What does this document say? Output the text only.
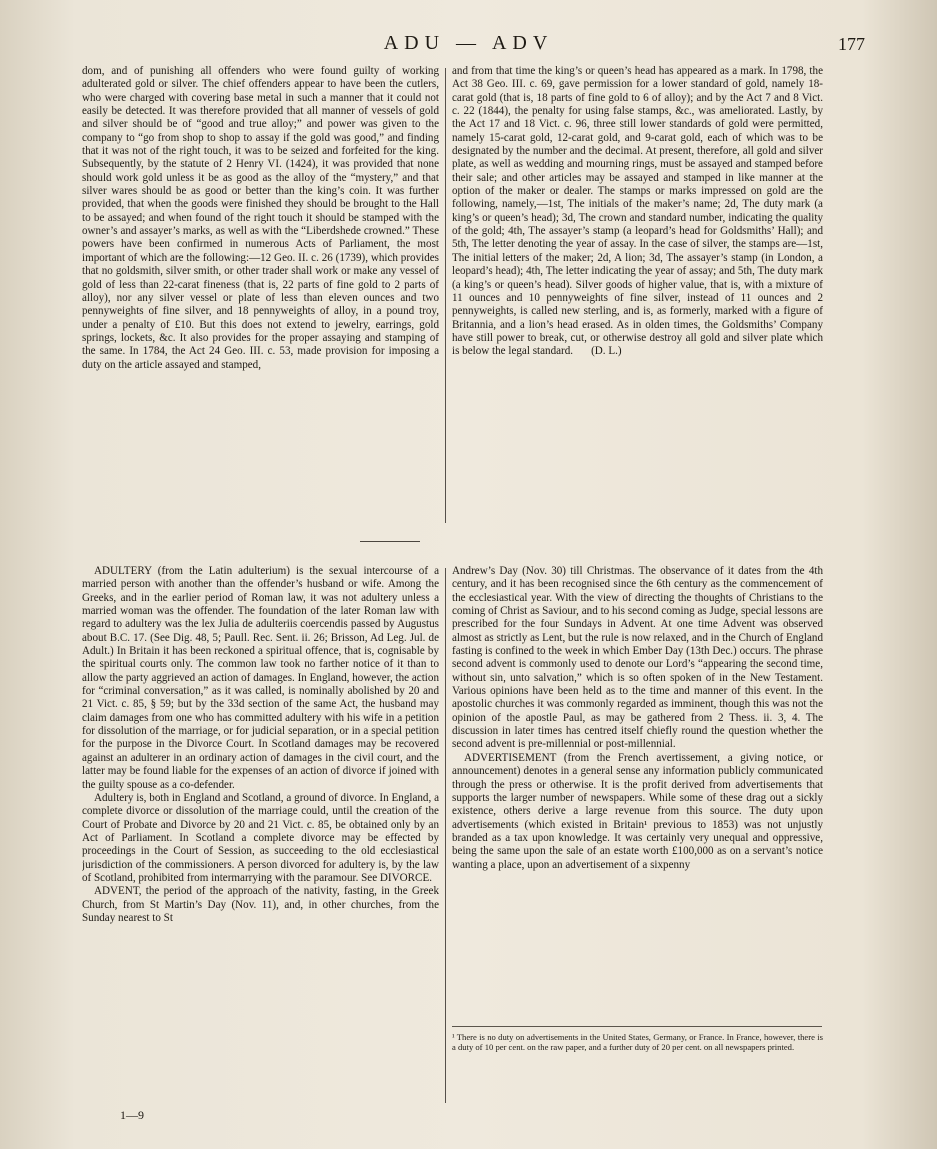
ADU — ADV	177

dom, and of punishing all offenders who were found guilty of working adulterated gold or silver. The chief offenders appear to have been the cutlers, who were charged with covering base metal in such a manner that it could not easily be detected. It was therefore provided that all manner of vessels of gold and silver should be of “good and true alloy;” and power was given to the company to “go from shop to shop to assay if the gold was good,” and finding that it was not of the right touch, it was to be seized and forfeited for the king. Subsequently, by the statute of 2 Henry VI. (1424), it was provided that none should work gold unless it be as good as the alloy of the “mystery,” and that silver wares should be as good or better than the king’s coin. It was further provided, that when the goods were finished they should be brought to the Hall to be assayed; and when found of the right touch it should be stamped with the owner’s and assayer’s marks, as well as with the “Liberdshede crowned.” These powers have been confirmed in numerous Acts of Parliament, the most important of which are the following:—12 Geo. II. c. 26 (1739), which provides that no goldsmith, silver smith, or other trader shall work or make any vessel of gold of less than 22-carat fineness (that is, 22 parts of fine gold to 2 parts of alloy), nor any silver vessel or plate of less than eleven ounces and two pennyweights of fine silver, and 18 pennyweights of alloy, in a pound troy, under a penalty of £10. But this does not extend to jewelry, earrings, gold springs, lockets, &c. It also provides for the proper assaying and stamping of the same. In 1784, the Act 24 Geo. III. c. 53, made provision for imposing a duty on the article assayed and stamped,

and from that time the king’s or queen’s head has appeared as a mark. In 1798, the Act 38 Geo. III. c. 69, gave permission for a lower standard of gold, namely 18-carat gold (that is, 18 parts of fine gold to 6 of alloy); and by the Act 7 and 8 Vict. c. 22 (1844), the penalty for using false stamps, &c., was ameliorated. Lastly, by the Act 17 and 18 Vict. c. 96, three still lower standards of gold were permitted, namely 15-carat gold, 12-carat gold, and 9-carat gold, each of which was to be designated by the number and the decimal. At present, therefore, all gold and silver plate, as well as wedding and mourning rings, must be assayed and stamped before their sale; and other articles may be assayed and stamped in like manner at the option of the maker or dealer. The stamps or marks impressed on gold are the following, namely,—1st, The initials of the maker’s name; 2d, The duty mark (a king’s or queen’s head); 3d, The crown and standard number, indicating the quality of the gold; 4th, The assayer’s stamp (a leopard’s head for Goldsmiths’ Hall); and 5th, The letter denoting the year of assay. In the case of silver, the stamps are—1st, The initial letters of the maker; 2d, A lion; 3d, The assayer’s stamp (in London, a leopard’s head); 4th, The letter indicating the year of assay; and 5th, The duty mark (a king’s or queen’s head). Silver goods of higher value, that is, with a mixture of 11 ounces and 10 pennyweights of fine silver, instead of 11 ounces and 2 pennyweights, is called new sterling, and is, as formerly, marked with a figure of Britannia, and a lion’s head erased. As in olden times, the Goldsmiths’ Company have still power to break, cut, or otherwise destroy all gold and silver plate which is below the legal standard. (D. L.)

ADULTERY (from the Latin adulterium) is the sexual intercourse of a married person with another than the offender’s husband or wife. Among the Greeks, and in the earlier period of Roman law, it was not adultery unless a married woman was the offender. The foundation of the later Roman law with regard to adultery was the lex Julia de adulteriis coercendis passed by Augustus about B.C. 17. (See Dig. 48, 5; Paull. Rec. Sent. ii. 26; Brisson, Ad Leg. Jul. de Adult.) In Britain it has been reckoned a spiritual offence, that is, cognisable by the spiritual courts only. The common law took no farther notice of it than to allow the party aggrieved an action of damages. In England, however, the action for “criminal conversation,” as it was called, is nominally abolished by 20 and 21 Vict. c. 85, § 59; but by the 33d section of the same Act, the husband may claim damages from one who has committed adultery with his wife in a petition for dissolution of the marriage, or for judicial separation, or in a special petition for the purpose in the Divorce Court. In Scotland damages may be recovered against an adulterer in an ordinary action of damages in the civil court, and the latter may be found liable for the expenses of an action of divorce if joined with the guilty spouse as a co-defender.

Adultery is, both in England and Scotland, a ground of divorce. In England, a complete divorce or dissolution of the marriage could, until the creation of the Court of Probate and Divorce by 20 and 21 Vict. c. 85, be obtained only by an Act of Parliament. In Scotland a complete divorce may be effected by proceedings in the Court of Session, as succeeding to the old ecclesiastical jurisdiction of the commissioners. A person divorced for adultery is, by the law of Scotland, prohibited from intermarrying with the paramour. See DIVORCE.

ADVENT, the period of the approach of the nativity, fasting, in the Greek Church, from St Martin’s Day (Nov. 11), and, in other churches, from the Sunday nearest to St

Andrew’s Day (Nov. 30) till Christmas. The observance of it dates from the 4th century, and it has been recognised since the 6th century as the commencement of the ecclesiastical year. With the view of directing the thoughts of Christians to the coming of Christ as Saviour, and to his second coming as Judge, special lessons are prescribed for the four Sundays in Advent. At one time Advent was observed almost as strictly as Lent, but the rule is now relaxed, and in the Church of England fasting is confined to the week in which Ember Day (13th Dec.) occurs. The phrase second advent is commonly used to denote our Lord’s “appearing the second time, without sin, unto salvation,” which is so often spoken of in the New Testament. Various opinions have been held as to the time and manner of this event. In the apostolic churches it was commonly regarded as imminent, though this was not the opinion of the apostle Paul, as may be gathered from 2 Thess. ii. 3, 4. The discussion in later times has centred itself chiefly round the question whether the second advent is pre-millennial or post-millennial.

ADVERTISEMENT (from the French avertissement, a giving notice, or announcement) denotes in a general sense any information publicly communicated through the press or otherwise. It is the profit derived from advertisements that supports the larger number of newspapers. While some of these drag out a sickly existence, others derive a large revenue from this source. The duty upon advertisements (which existed in Britain¹ previous to 1853) was not unjustly branded as a tax upon knowledge. It was certainly very unequal and oppressive, being the same upon the sale of an estate worth £100,000 as on a servant’s notice wanting a place, upon an advertisement of a sixpenny

¹ There is no duty on advertisements in the United States, Germany, or France. In France, however, there is a duty of 10 per cent. on the raw paper, and a further duty of 20 per cent. on all newspapers printed.
1—9
